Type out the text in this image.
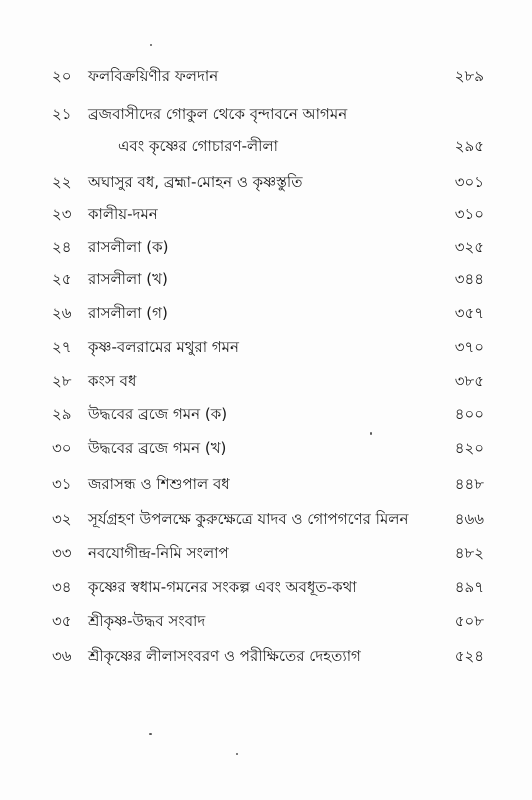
২০ ফলবিক্রয়িণীর ফলদান	২৮৯
২১ ব্রজবাসীদের গোকুল থেকে বৃন্দাবনে আগমন
এবং কৃষ্ণের গোচারণ-লীলা	২৯৫
২২ অঘাসুর বধ, ব্রহ্মা-মোহন ও কৃষ্ণস্তুতি	৩০১
২৩ কালীয়-দমন	৩১০
২৪ রাসলীলা (ক)	৩২৫
২৫ রাসলীলা (খ)	৩৪৪
২৬ রাসলীলা (গ)	৩৫৭
২৭ কৃষ্ণ-বলরামের মথুরা গমন	৩৭০
২৮ কংস বধ	৩৮৫
২৯ উদ্ধবের ব্রজে গমন (ক)	৪০০
৩০ উদ্ধবের ব্রজে গমন (খ)	৪২০
৩১ জরাসন্ধ ও শিশুপাল বধ	৪৪৮
৩২ সূর্যগ্রহণ উপলক্ষে কুরুক্ষেত্রে যাদব ও গোপগণের মিলন	৪৬৬
৩৩ নবযোগীন্দ্র-নিমি সংলাপ	৪৮২
৩৪ কৃষ্ণের স্বধাম-গমনের সংকল্প এবং অবধূত-কথা	৪৯৭
৩৫ শ্রীকৃষ্ণ-উদ্ধব সংবাদ	৫০৮
৩৬ শ্রীকৃষ্ণের লীলাসংবরণ ও পরীক্ষিতের দেহত্যাগ	৫২৪
